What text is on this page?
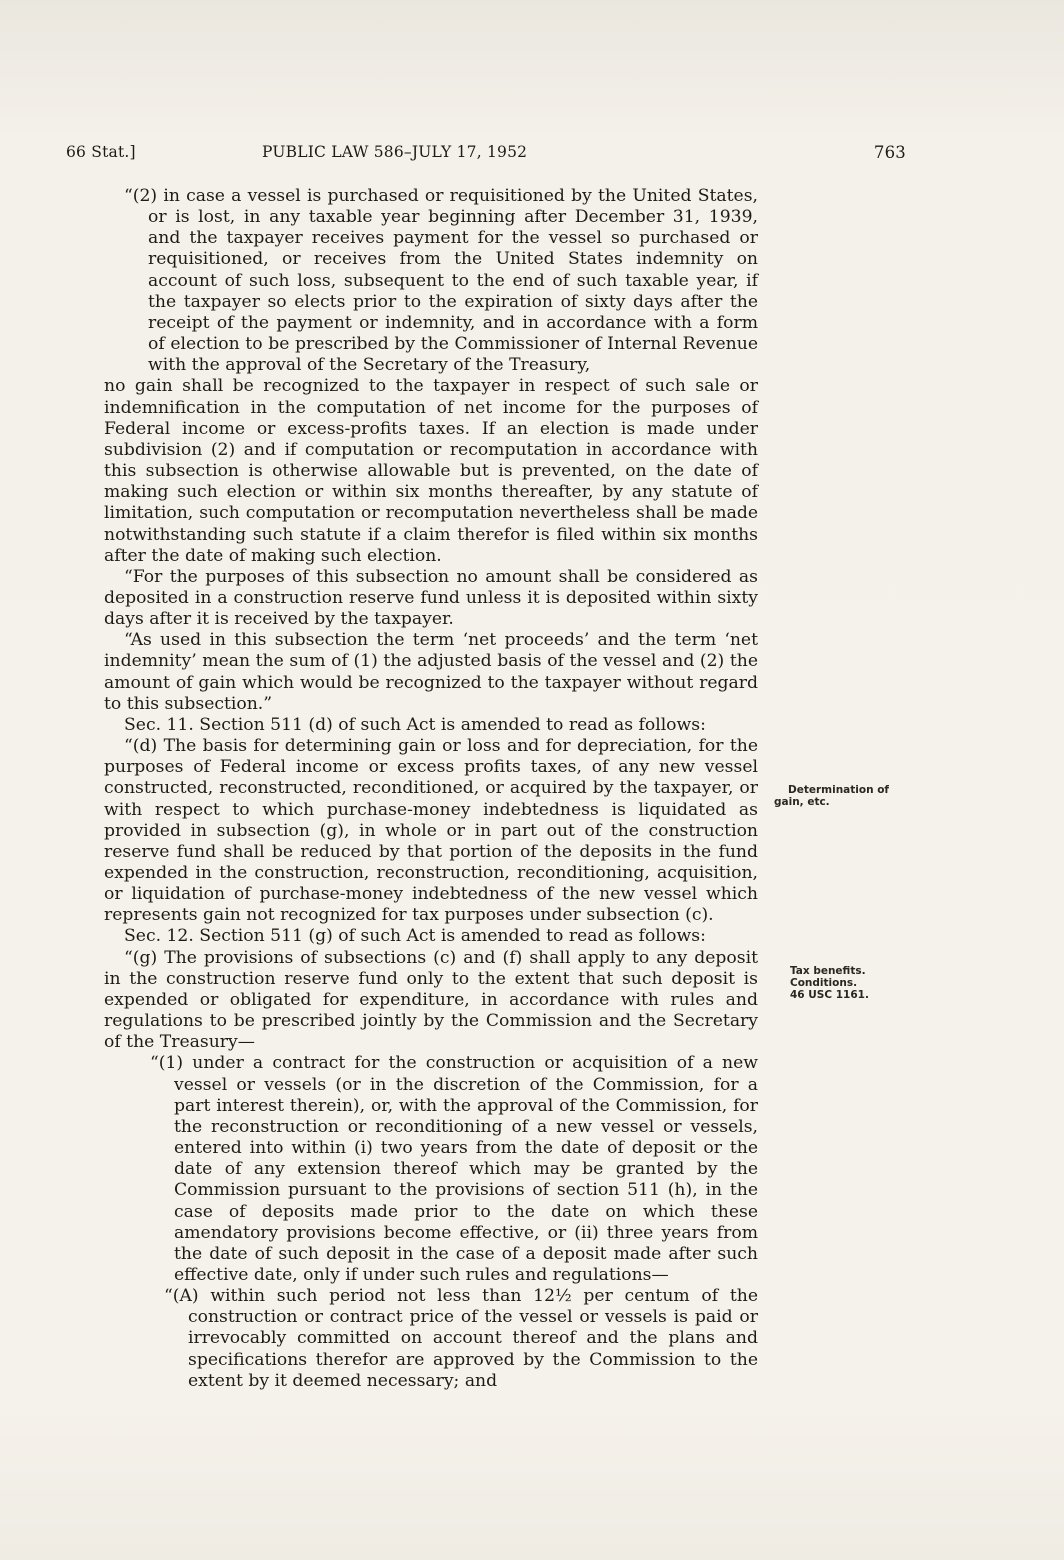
66 Stat.]	PUBLIC LAW 586–JULY 17, 1952	763

“(2) in case a vessel is purchased or requisitioned by the United States, or is lost, in any taxable year beginning after December 31, 1939, and the taxpayer receives payment for the vessel so purchased or requisitioned, or receives from the United States indemnity on account of such loss, subsequent to the end of such taxable year, if the taxpayer so elects prior to the expiration of sixty days after the receipt of the payment or indemnity, and in accordance with a form of election to be prescribed by the Commissioner of Internal Revenue with the approval of the Secretary of the Treasury,

no gain shall be recognized to the taxpayer in respect of such sale or indemnification in the computation of net income for the purposes of Federal income or excess-profits taxes. If an election is made under subdivision (2) and if computation or recomputation in accordance with this subsection is otherwise allowable but is prevented, on the date of making such election or within six months thereafter, by any statute of limitation, such computation or recomputation nevertheless shall be made notwithstanding such statute if a claim therefor is filed within six months after the date of making such election.

“For the purposes of this subsection no amount shall be considered as deposited in a construction reserve fund unless it is deposited within sixty days after it is received by the taxpayer.

“As used in this subsection the term ‘net proceeds’ and the term ‘net indemnity’ mean the sum of (1) the adjusted basis of the vessel and (2) the amount of gain which would be recognized to the taxpayer without regard to this subsection.”

Sec. 11. Section 511 (d) of such Act is amended to read as follows:

“(d) The basis for determining gain or loss and for depreciation, for the purposes of Federal income or excess profits taxes, of any new vessel constructed, reconstructed, reconditioned, or acquired by the taxpayer, or with respect to which purchase-money indebtedness is liquidated as provided in subsection (g), in whole or in part out of the construction reserve fund shall be reduced by that portion of the deposits in the fund expended in the construction, reconstruction, reconditioning, acquisition, or liquidation of purchase-money indebtedness of the new vessel which represents gain not recognized for tax purposes under subsection (c).

Sec. 12. Section 511 (g) of such Act is amended to read as follows:

“(g) The provisions of subsections (c) and (f) shall apply to any deposit in the construction reserve fund only to the extent that such deposit is expended or obligated for expenditure, in accordance with rules and regulations to be prescribed jointly by the Commission and the Secretary of the Treasury—

“(1) under a contract for the construction or acquisition of a new vessel or vessels (or in the discretion of the Commission, for a part interest therein), or, with the approval of the Commission, for the reconstruction or reconditioning of a new vessel or vessels, entered into within (i) two years from the date of deposit or the date of any extension thereof which may be granted by the Commission pursuant to the provisions of section 511 (h), in the case of deposits made prior to the date on which these amendatory provisions become effective, or (ii) three years from the date of such deposit in the case of a deposit made after such effective date, only if under such rules and regulations—

“(A) within such period not less than 12½ per centum of the construction or contract price of the vessel or vessels is paid or irrevocably committed on account thereof and the plans and specifications therefor are approved by the Commission to the extent by it deemed necessary; and

Determination of
gain, etc.
Tax benefits.
Conditions.
46 USC 1161.
